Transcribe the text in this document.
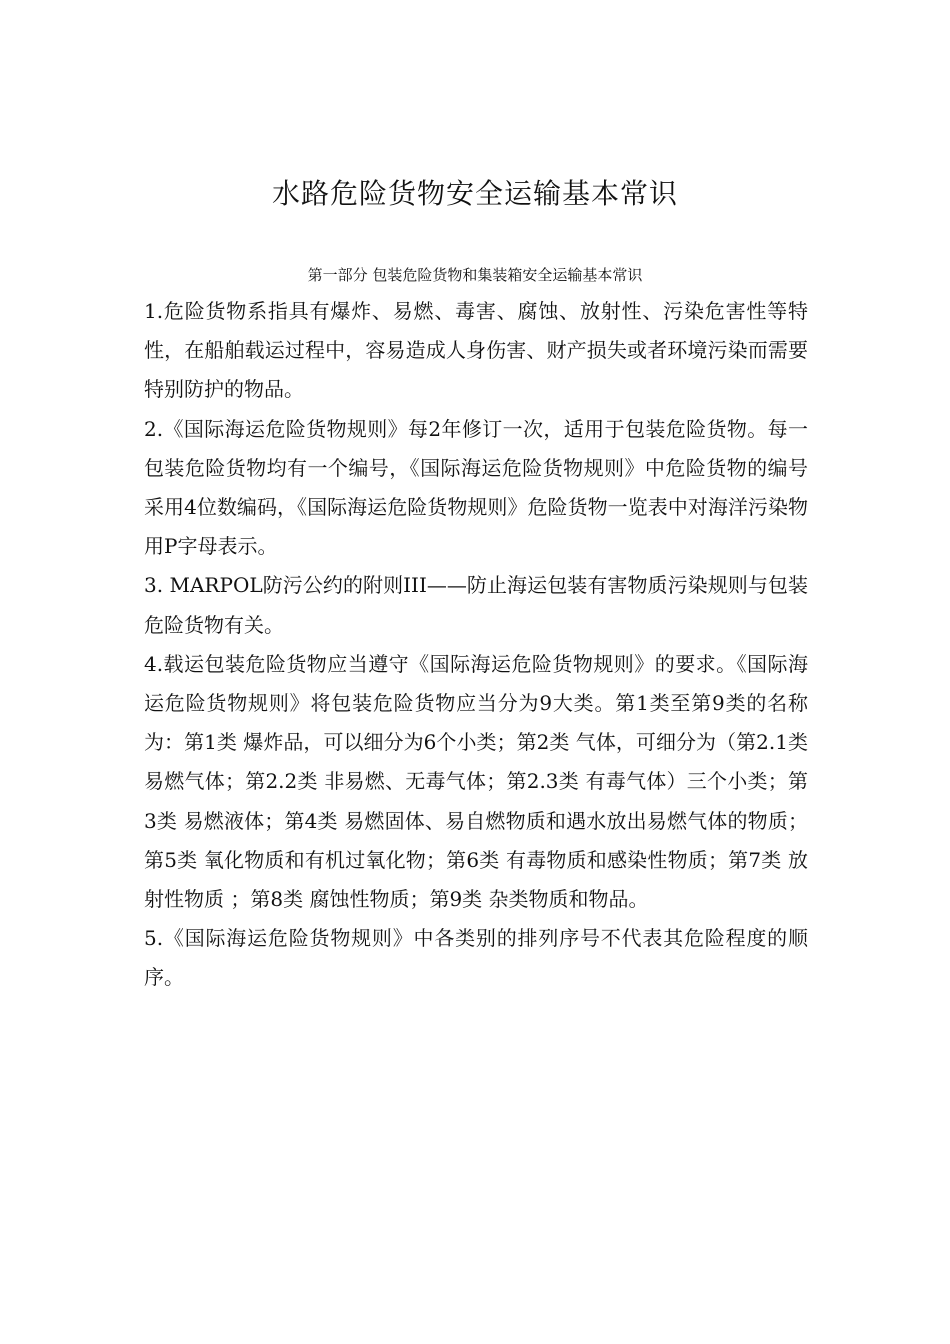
水路危险货物安全运输基本常识
第一部分 包装危险货物和集装箱安全运输基本常识

1.危险货物系指具有爆炸、易燃、毒害、腐蚀、放射性、污染危害性等特性，在船舶载运过程中，容易造成人身伤害、财产损失或者环境污染而需要特别防护的物品。

2.《国际海运危险货物规则》每2年修订一次，适用于包装危险货物。每一包装危险货物均有一个编号，《国际海运危险货物规则》中危险货物的编号采用4位数编码，《国际海运危险货物规则》危险货物一览表中对海洋污染物用P字母表示。

3. MARPOL防污公约的附则III——防止海运包装有害物质污染规则与包装危险货物有关。

4.载运包装危险货物应当遵守《国际海运危险货物规则》的要求。《国际海运危险货物规则》将包装危险货物应当分为9大类。第1类至第9类的名称为：第1类 爆炸品，可以细分为6个小类；第2类 气体，可细分为（第2.1类 易燃气体；第2.2类 非易燃、无毒气体；第2.3类 有毒气体）三个小类；第3类 易燃液体；第4类 易燃固体、易自燃物质和遇水放出易燃气体的物质；第5类 氧化物质和有机过氧化物；第6类 有毒物质和感染性物质；第7类 放射性物质 ；第8类 腐蚀性物质；第9类 杂类物质和物品。

5.《国际海运危险货物规则》中各类别的排列序号不代表其危险程度的顺序。
